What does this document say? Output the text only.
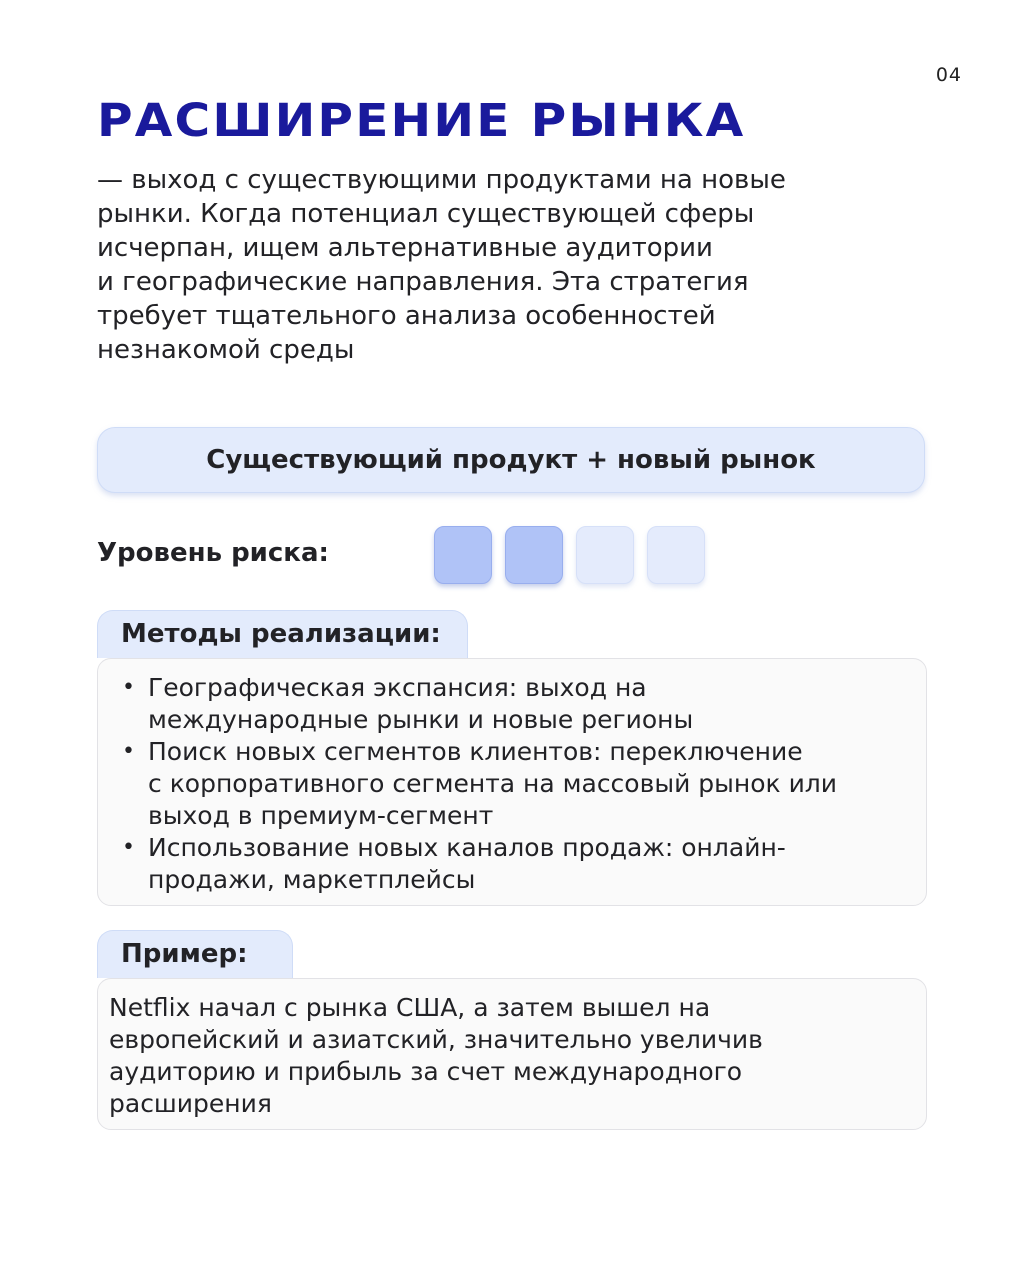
04
РАСШИРЕНИЕ РЫНКА

— выход с существующими продуктами на новые
рынки. Когда потенциал существующей сферы
исчерпан, ищем альтернативные аудитории
и географические направления. Эта стратегия
требует тщательного анализа особенностей
незнакомой среды

Существующий продукт + новый рынок
Уровень риска:
Методы реализации:
• Географическая экспансия: выход на
международные рынки и новые регионы
• Поиск новых сегментов клиентов: переключение
с корпоративного сегмента на массовый рынок или
выход в премиум-сегмент
• Использование новых каналов продаж: онлайн-
продажи, маркетплейсы
Пример:

Netflix начал с рынка США, а затем вышел на
европейский и азиатский, значительно увеличив
аудиторию и прибыль за счет международного
расширения
